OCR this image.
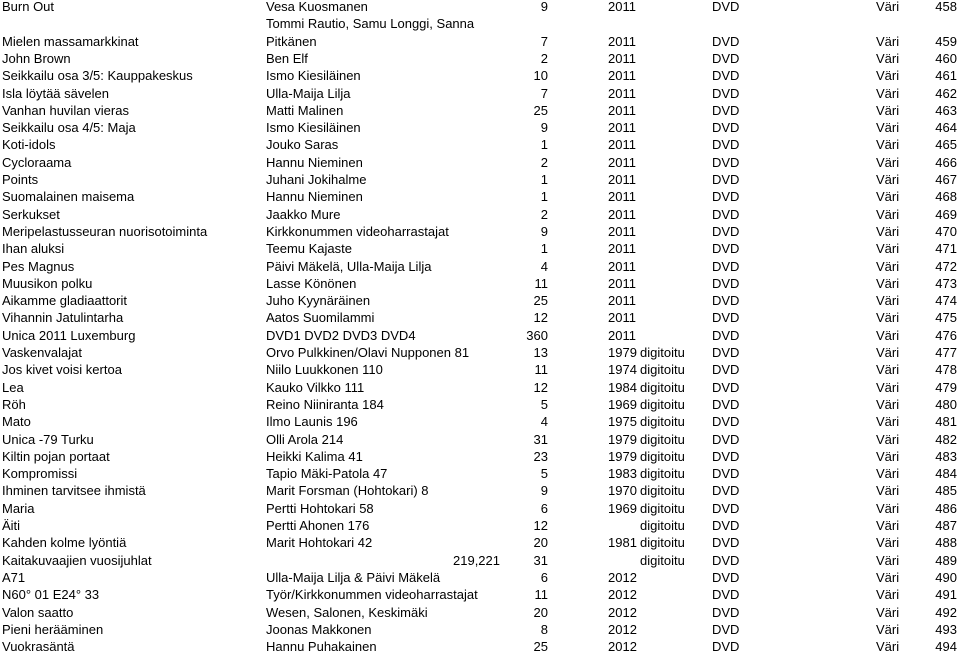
Burn Out	Vesa Kuosmanen	9	2011	DVD	Väri	458
Tommi Rautio, Samu Longgi, Sanna
Mielen massamarkkinat	Pitkänen	7	2011	DVD	Väri	459
John Brown	Ben Elf	2	2011	DVD	Väri	460
Seikkailu osa 3/5: Kauppakeskus	Ismo Kiesiläinen	10	2011	DVD	Väri	461
Isla löytää sävelen	Ulla-Maija Lilja	7	2011	DVD	Väri	462
Vanhan huvilan vieras	Matti Malinen	25	2011	DVD	Väri	463
Seikkailu osa 4/5: Maja	Ismo Kiesiläinen	9	2011	DVD	Väri	464
Koti-idols	Jouko Saras	1	2011	DVD	Väri	465
Cycloraama	Hannu Nieminen	2	2011	DVD	Väri	466
Points	Juhani Jokihalme	1	2011	DVD	Väri	467
Suomalainen maisema	Hannu Nieminen	1	2011	DVD	Väri	468
Serkukset	Jaakko Mure	2	2011	DVD	Väri	469
Meripelastusseuran nuorisotoiminta	Kirkkonummen videoharrastajat	9	2011	DVD	Väri	470
Ihan aluksi	Teemu Kajaste	1	2011	DVD	Väri	471
Pes Magnus	Päivi Mäkelä, Ulla-Maija Lilja	4	2011	DVD	Väri	472
Muusikon polku	Lasse Könönen	11	2011	DVD	Väri	473
Aikamme gladiaattorit	Juho Kyynäräinen	25	2011	DVD	Väri	474
Vihannin Jatulintarha	Aatos Suomilammi	12	2011	DVD	Väri	475
Unica 2011 Luxemburg	DVD1 DVD2 DVD3 DVD4	360	2011	DVD	Väri	476
Vaskenvalajat	Orvo Pulkkinen/Olavi Nupponen 81	13	1979 digitoitu DVD	Väri	477
Jos kivet voisi kertoa	Niilo Luukkonen 110	11	1974 digitoitu DVD	Väri	478
Lea	Kauko Vilkko 111	12	1984 digitoitu DVD	Väri	479
Röh	Reino Niiniranta 184	5	1969 digitoitu DVD	Väri	480
Mato	Ilmo Launis 196	4	1975 digitoitu DVD	Väri	481
Unica -79 Turku	Olli Arola 214	31	1979 digitoitu DVD	Väri	482
Kiltin pojan portaat	Heikki Kalima 41	23	1979 digitoitu DVD	Väri	483
Kompromissi	Tapio Mäki-Patola 47	5	1983 digitoitu DVD	Väri	484
Ihminen tarvitsee ihmistä	Marit Forsman (Hohtokari) 8	9	1970 digitoitu DVD	Väri	485
Maria	Pertti Hohtokari 58	6	1969 digitoitu DVD	Väri	486
Äiti	Pertti Ahonen 176	12	digitoitu DVD	Väri	487
Kahden kolme lyöntiä	Marit Hohtokari 42	20	1981 digitoitu DVD	Väri	488
Kaitakuvaajien vuosijuhlat	219,221	31	digitoitu DVD	Väri	489
A71	Ulla-Maija Lilja & Päivi Mäkelä	6	2012	DVD	Väri	490
N60° 01 E24° 33	Työr/Kirkkonummen videoharrastajat	11	2012	DVD	Väri	491
Valon saatto	Wesen, Salonen, Keskimäki	20	2012	DVD	Väri	492
Pieni herääminen	Joonas Makkonen	8	2012	DVD	Väri	493
Vuokrasäntä	Hannu Puhakainen	25	2012	DVD	Väri	494
